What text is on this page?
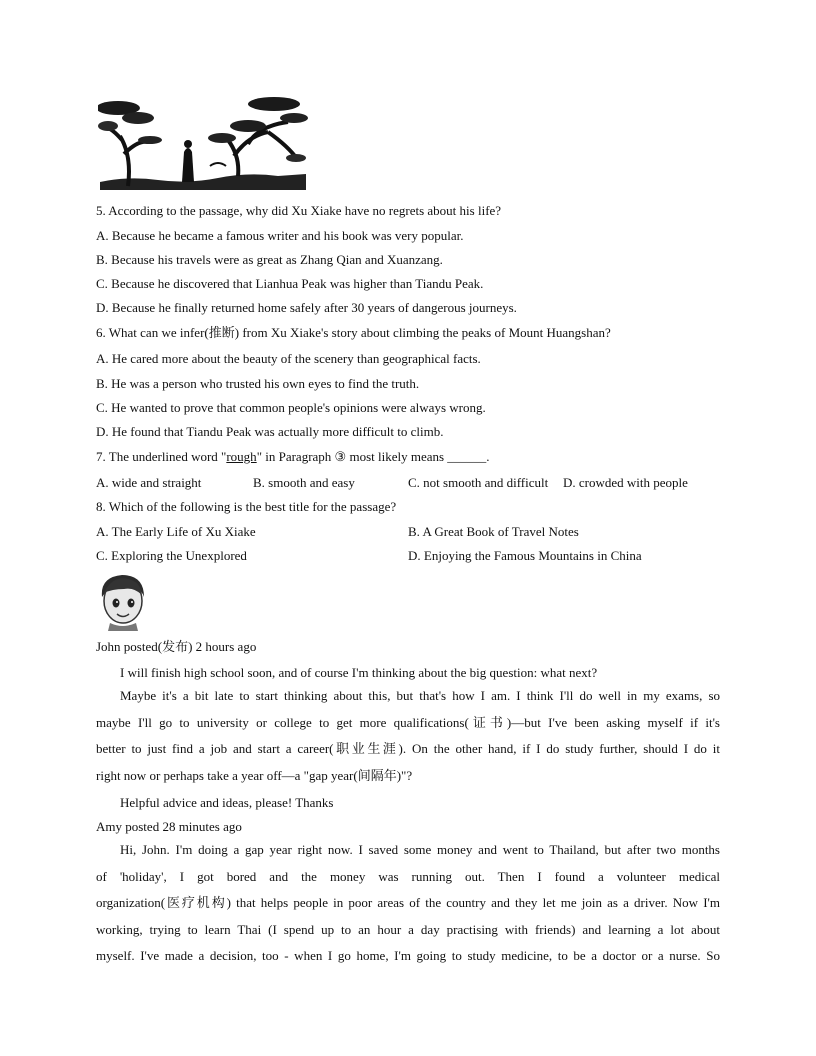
5. According to the passage, why did Xu Xiake have no regrets about his life?
A. Because he became a famous writer and his book was very popular.
B. Because his travels were as great as Zhang Qian and Xuanzang.
C. Because he discovered that Lianhua Peak was higher than Tiandu Peak.
D. Because he finally returned home safely after 30 years of dangerous journeys.
6. What can we infer(推断) from Xu Xiake's story about climbing the peaks of Mount Huangshan?
A. He cared more about the beauty of the scenery than geographical facts.
B. He was a person who trusted his own eyes to find the truth.
C. He wanted to prove that common people's opinions were always wrong.
D. He found that Tiandu Peak was actually more difficult to climb.
7. The underlined word "rough" in Paragraph ③ most likely means ______.
A. wide and straight	B. smooth and easy	C. not smooth and difficult D. crowded with people
8. Which of the following is the best title for the passage?
A. The Early Life of Xu Xiake	B. A Great Book of Travel Notes
C. Exploring the Unexplored	D. Enjoying the Famous Mountains in China
John posted(发布) 2 hours ago
I will finish high school soon, and of course I'm thinking about the big question: what next?
Maybe it's a bit late to start thinking about this, but that's how I am. I think I'll do well in my exams, so
maybe I'll go to university or college to get more qualifications(证书)—but I've been asking myself if it's
better to just find a job and start a career(职业生涯). On the other hand, if I do study further, should I do it
right now or perhaps take a year off—a "gap year(间隔年)"?
Helpful advice and ideas, please! Thanks
Amy posted 28 minutes ago
Hi, John. I'm doing a gap year right now. I saved some money and went to Thailand, but after two months
of 'holiday', I got bored and the money was running out. Then I found a volunteer medical
organization(医疗机构) that helps people in poor areas of the country and they let me join as a driver. Now I'm
working, trying to learn Thai (I spend up to an hour a day practising with friends) and learning a lot about
myself. I've made a decision, too - when I go home, I'm going to study medicine, to be a doctor or a nurse. So
